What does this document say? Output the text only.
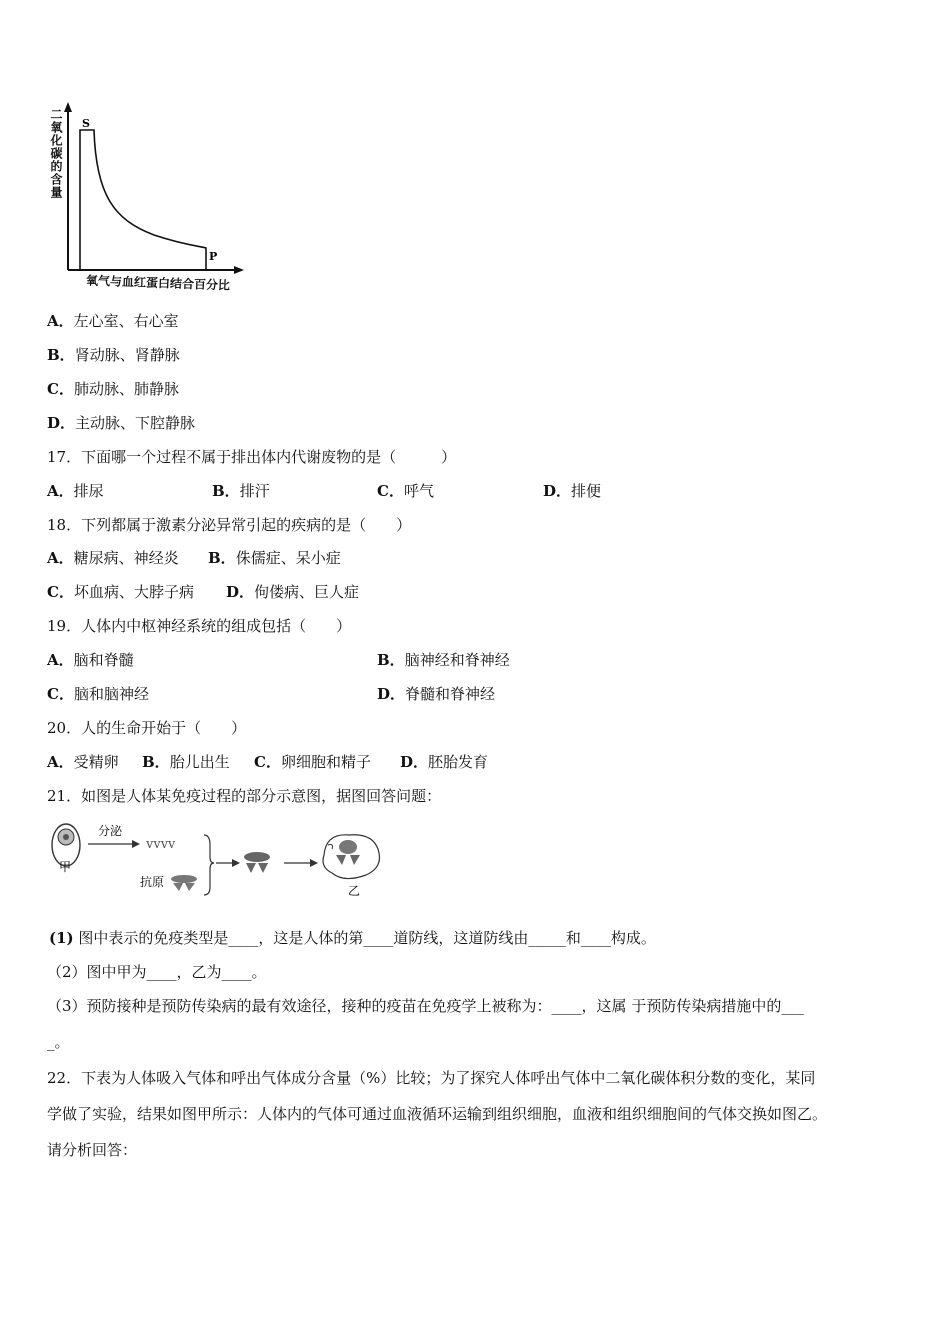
二氧化碳的含量 S
P
氧气与血红蛋白结合百分比
A．左心室、右心室
B．肾动脉、肾静脉
C．肺动脉、肺静脉
D．主动脉、下腔静脉
17．下面哪一个过程不属于排出体内代谢废物的是（　　　）
A．排尿	B．排汗	C．呼气	D．排便
18．下列都属于激素分泌异常引起的疾病的是（　　）
A．糖尿病、神经炎 B．侏儒症、呆小症
C．坏血病、大脖子病 D．佝偻病、巨人症
19．人体内中枢神经系统的组成包括（　　）
A．脑和脊髓	B．脑神经和脊神经
C．脑和脑神经	D．脊髓和脊神经
20．人的生命开始于（　　）
A．受精卵 B．胎儿出生 C．卵细胞和精子 D．胚胎发育
21．如图是人体某免疫过程的部分示意图，据图回答问题：
甲
分泌
ⅴⅴⅴⅴ
抗原
乙
(1) 图中表示的免疫类型是____，这是人体的第____道防线，这道防线由_____和____构成。
（2）图中甲为____，乙为____。
（3）预防接种是预防传染病的最有效途径，接种的疫苗在免疫学上被称为：____，这属 于预防传染病措施中的___
_。
22．下表为人体吸入气体和呼出气体成分含量（%）比较；为了探究人体呼出气体中二氧化碳体积分数的变化，某同
学做了实验，结果如图甲所示：人体内的气体可通过血液循环运输到组织细胞，血液和组织细胞间的气体交换如图乙。
请分析回答：
